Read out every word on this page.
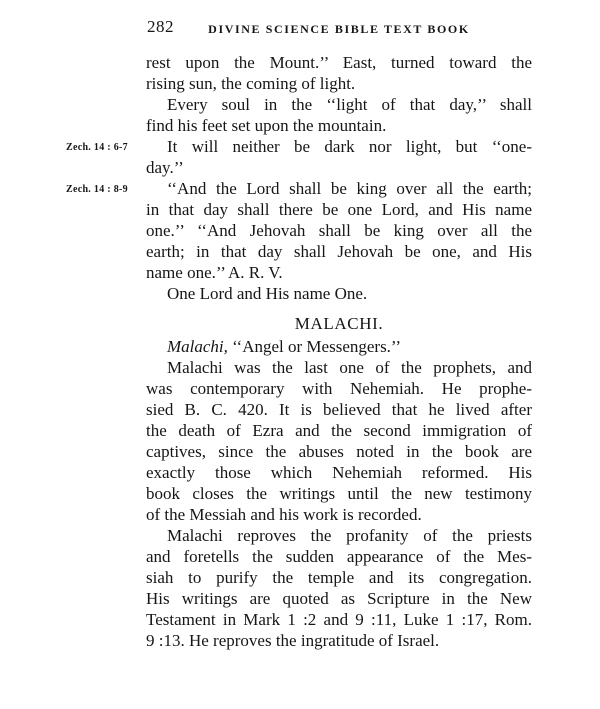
282	DIVINE SCIENCE BIBLE TEXT BOOK
Zech. 14 : 6-7
Zech. 14 : 8-9
rest upon the Mount.’’ East, turned toward the
rising sun, the coming of light.
Every soul in the ‘‘light of that day,’’ shall
find his feet set upon the mountain.
It will neither be dark nor light, but ‘‘one-
day.’’
‘‘And the Lord shall be king over all the earth;
in that day shall there be one Lord, and His name
one.’’ ‘‘And Jehovah shall be king over all the
earth; in that day shall Jehovah be one, and His
name one.’’ A. R. V.
One Lord and His name One.
MALACHI.
Malachi, ‘‘Angel or Messengers.’’
Malachi was the last one of the prophets, and
was contemporary with Nehemiah. He prophe-
sied B. C. 420. It is believed that he lived after
the death of Ezra and the second immigration of
captives, since the abuses noted in the book are
exactly those which Nehemiah reformed. His
book closes the writings until the new testimony
of the Messiah and his work is recorded.
Malachi reproves the profanity of the priests
and foretells the sudden appearance of the Mes-
siah to purify the temple and its congregation.
His writings are quoted as Scripture in the New
Testament in Mark 1 :2 and 9 :11, Luke 1 :17, Rom.
9 :13. He reproves the ingratitude of Israel.
